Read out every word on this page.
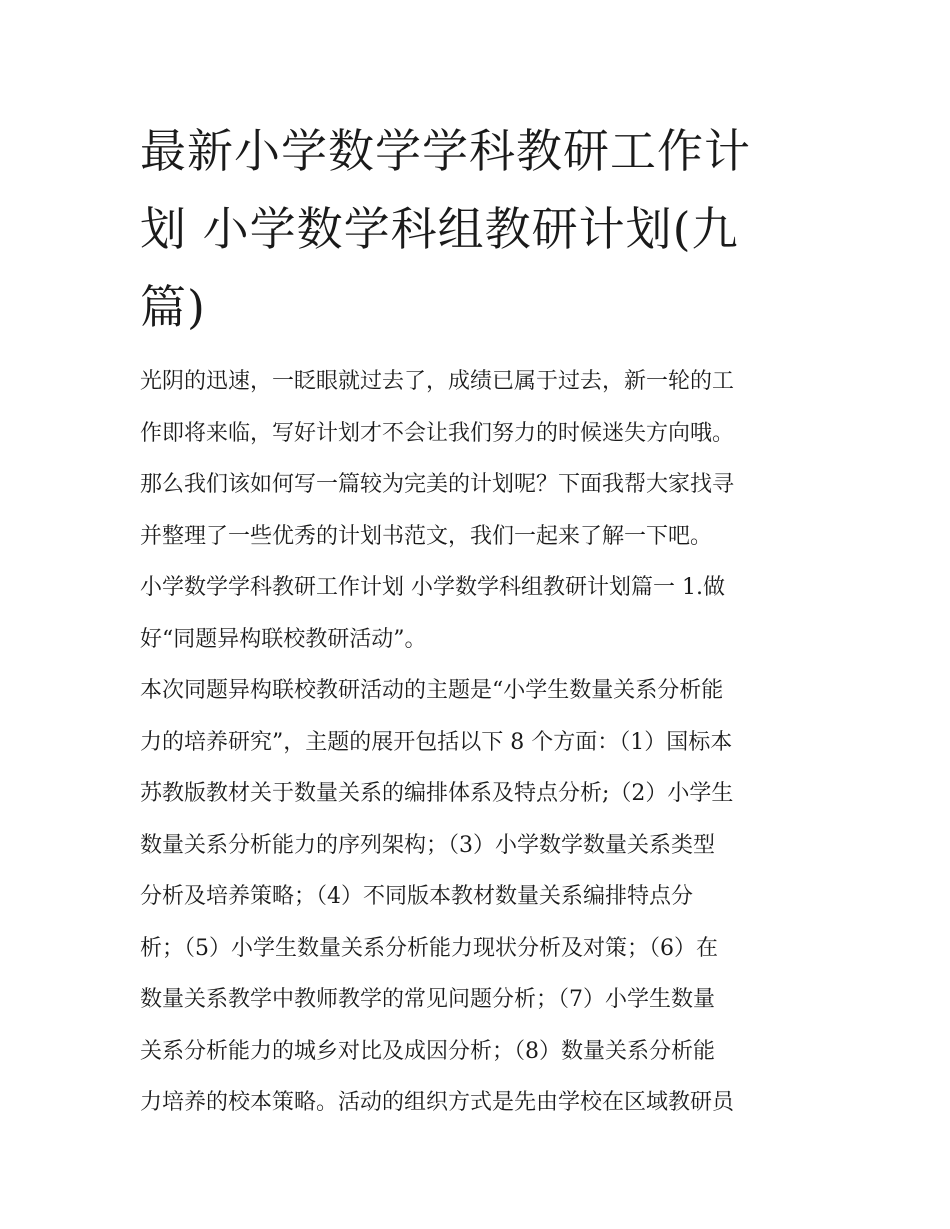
最新小学数学学科教研工作计
划 小学数学科组教研计划(九
篇)
光阴的迅速，一眨眼就过去了，成绩已属于过去，新一轮的工
作即将来临，写好计划才不会让我们努力的时候迷失方向哦。
那么我们该如何写一篇较为完美的计划呢？下面我帮大家找寻
并整理了一些优秀的计划书范文，我们一起来了解一下吧。
小学数学学科教研工作计划 小学数学科组教研计划篇一 1.做
好“同题异构联校教研活动”。
本次同题异构联校教研活动的主题是“小学生数量关系分析能
力的培养研究”，主题的展开包括以下 8 个方面：（1）国标本
苏教版教材关于数量关系的编排体系及特点分析;（2）小学生
数量关系分析能力的序列架构；（3）小学数学数量关系类型
分析及培养策略；（4）不同版本教材数量关系编排特点分
析；（5）小学生数量关系分析能力现状分析及对策；（6）在
数量关系教学中教师教学的常见问题分析；（7）小学生数量
关系分析能力的城乡对比及成因分析；（8）数量关系分析能
力培养的校本策略。活动的组织方式是先由学校在区域教研员
